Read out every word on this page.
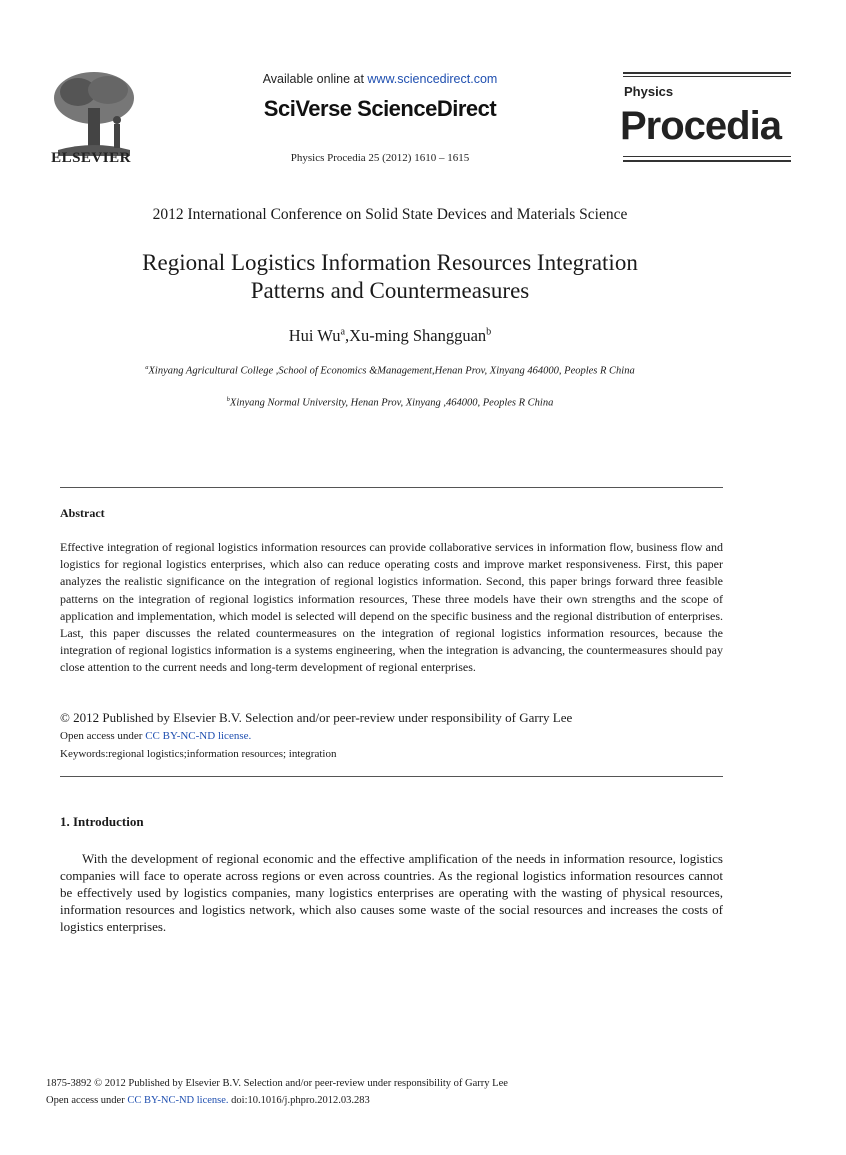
ELSEVIER
Available online at www.sciencedirect.com
SciVerse ScienceDirect
Physics Procedia 25 (2012) 1610 – 1615
Physics
Procedia
2012 International Conference on Solid State Devices and Materials Science
Regional Logistics Information Resources Integration
Patterns and Countermeasures
Hui Wu$^a$,Xu-ming Shangguan$^b$
$^a$Xinyang Agricultural College ,School of Economics &Management,Henan Prov, Xinyang 464000, Peoples R China
$^b$Xinyang Normal University, Henan Prov, Xinyang ,464000, Peoples R China
Abstract
Effective integration of regional logistics information resources can provide collaborative services in information flow, business flow and logistics for regional logistics enterprises, which also can reduce operating costs and improve market responsiveness. First, this paper analyzes the realistic significance on the integration of regional logistics information. Second, this paper brings forward three feasible patterns on the integration of regional logistics information resources, These three models have their own strengths and the scope of application and implementation, which model is selected will depend on the specific business and the regional distribution of enterprises. Last, this paper discusses the related countermeasures on the integration of regional logistics information resources, because the integration of regional logistics information is a systems engineering, when the integration is advancing, the countermeasures should pay close attention to the current needs and long-term development of regional enterprises.
© 2012 Published by Elsevier B.V. Selection and/or peer-review under responsibility of Garry Lee
Open access under CC BY-NC-ND license.
Keywords:regional logistics;information resources; integration
1. Introduction
With the development of regional economic and the effective amplification of the needs in information resource, logistics companies will face to operate across regions or even across countries. As the regional logistics information resources cannot be effectively used by logistics companies, many logistics enterprises are operating with the wasting of physical resources, information resources and logistics network, which also causes some waste of the social resources and increases the costs of logistics enterprises.
1875-3892 © 2012 Published by Elsevier B.V. Selection and/or peer-review under responsibility of Garry Lee
Open access under CC BY-NC-ND license. doi:10.1016/j.phpro.2012.03.283
